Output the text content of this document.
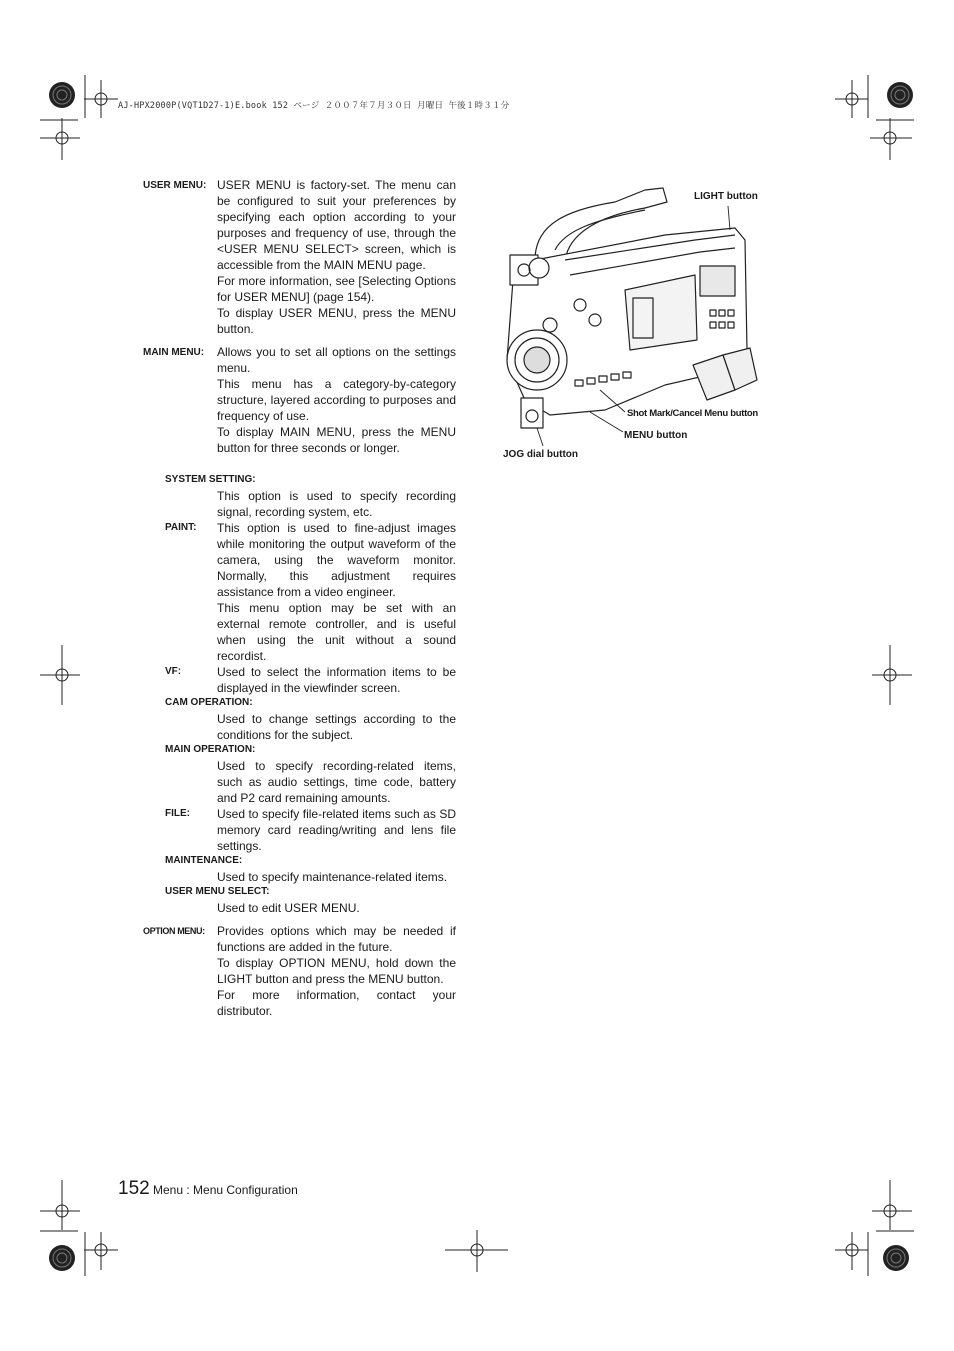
AJ-HPX2000P(VQT1D27-1)E.book 152 ページ ２００７年７月３０日 月曜日 午後１時３１分
USER MENU: USER MENU is factory-set. The menu can be configured to suit your preferences by specifying each option according to your purposes and frequency of use, through the <USER MENU SELECT> screen, which is accessible from the MAIN MENU page.

For more information, see [Selecting Options for USER MENU] (page 154).

To display USER MENU, press the MENU button.

MAIN MENU: Allows you to set all options on the settings menu.

This menu has a category-by-category structure, layered according to purposes and frequency of use.

To display MAIN MENU, press the MENU button for three seconds or longer.

SYSTEM SETTING:

This option is used to specify recording signal, recording system, etc.

PAINT: This option is used to fine-adjust images while monitoring the output waveform of the camera, using the waveform monitor. Normally, this adjustment requires assistance from a video engineer.

This menu option may be set with an external remote controller, and is useful when using the unit without a sound recordist.

VF:	Used to select the information items to be displayed in the viewfinder screen.

CAM OPERATION:

Used to change settings according to the conditions for the subject.

MAIN OPERATION:

Used to specify recording-related items, such as audio settings, time code, battery and P2 card remaining amounts.

FILE: Used to specify file-related items such as SD memory card reading/writing and lens file settings.

MAINTENANCE:

Used to specify maintenance-related items.

USER MENU SELECT:

Used to edit USER MENU.

OPTION MENU: Provides options which may be needed if functions are added in the future.

To display OPTION MENU, hold down the LIGHT button and press the MENU button.

For more information, contact your distributor.

LIGHT button
Shot Mark/Cancel Menu button
MENU button
JOG dial button
152 Menu : Menu Configuration
